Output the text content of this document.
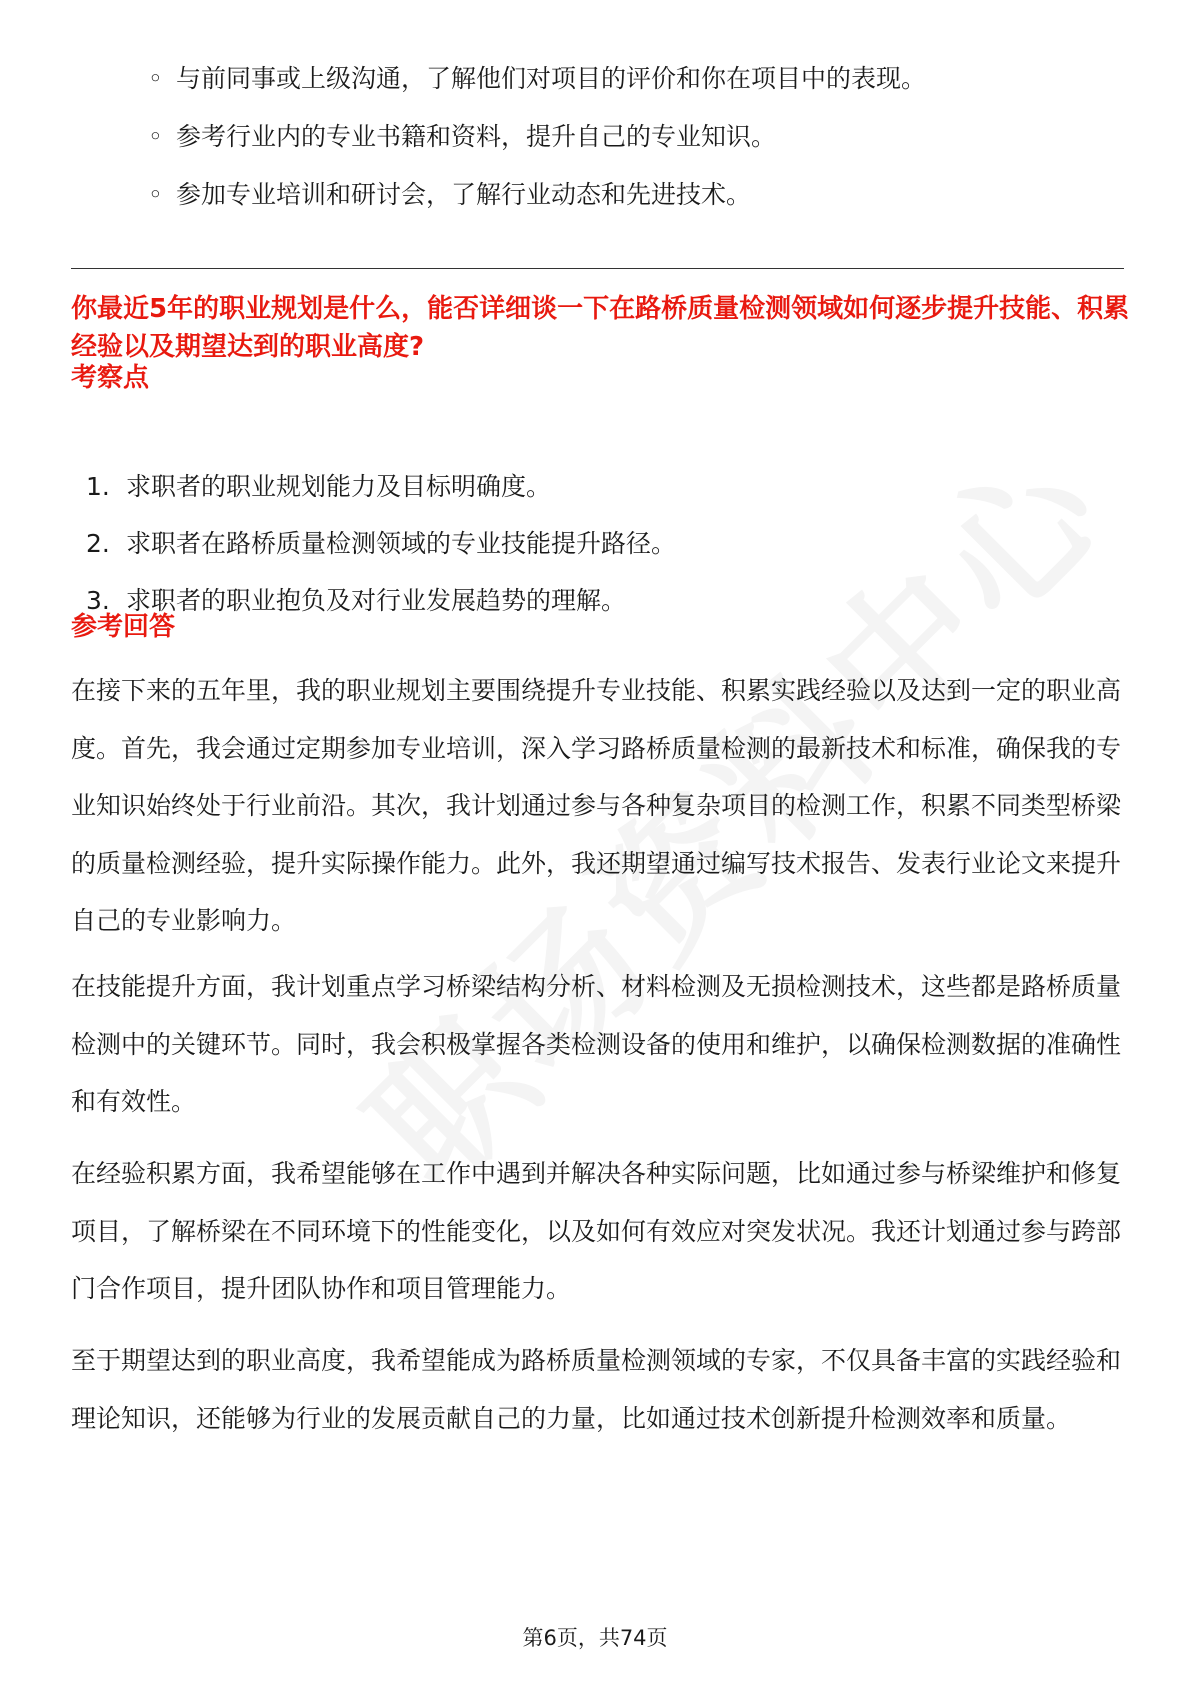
◦ 与前同事或上级沟通，了解他们对项目的评价和你在项目中的表现。
◦ 参考行业内的专业书籍和资料，提升自己的专业知识。
◦ 参加专业培训和研讨会，了解行业动态和先进技术。
你最近5年的职业规划是什么，能否详细谈一下在路桥质量检测领域如何逐步提升技能、积累经验以及期望达到的职业高度?
考察点
1. 求职者的职业规划能力及目标明确度。
2. 求职者在路桥质量检测领域的专业技能提升路径。
3. 求职者的职业抱负及对行业发展趋势的理解。
参考回答

在接下来的五年里，我的职业规划主要围绕提升专业技能、积累实践经验以及达到一定的职业高度。首先，我会通过定期参加专业培训，深入学习路桥质量检测的最新技术和标准，确保我的专业知识始终处于行业前沿。其次，我计划通过参与各种复杂项目的检测工作，积累不同类型桥梁的质量检测经验，提升实际操作能力。此外，我还期望通过编写技术报告、发表行业论文来提升自己的专业影响力。

在技能提升方面，我计划重点学习桥梁结构分析、材料检测及无损检测技术，这些都是路桥质量检测中的关键环节。同时，我会积极掌握各类检测设备的使用和维护，以确保检测数据的准确性和有效性。

在经验积累方面，我希望能够在工作中遇到并解决各种实际问题，比如通过参与桥梁维护和修复项目，了解桥梁在不同环境下的性能变化，以及如何有效应对突发状况。我还计划通过参与跨部门合作项目，提升团队协作和项目管理能力。

至于期望达到的职业高度，我希望能成为路桥质量检测领域的专家，不仅具备丰富的实践经验和理论知识，还能够为行业的发展贡献自己的力量，比如通过技术创新提升检测效率和质量。

第6页，共74页
